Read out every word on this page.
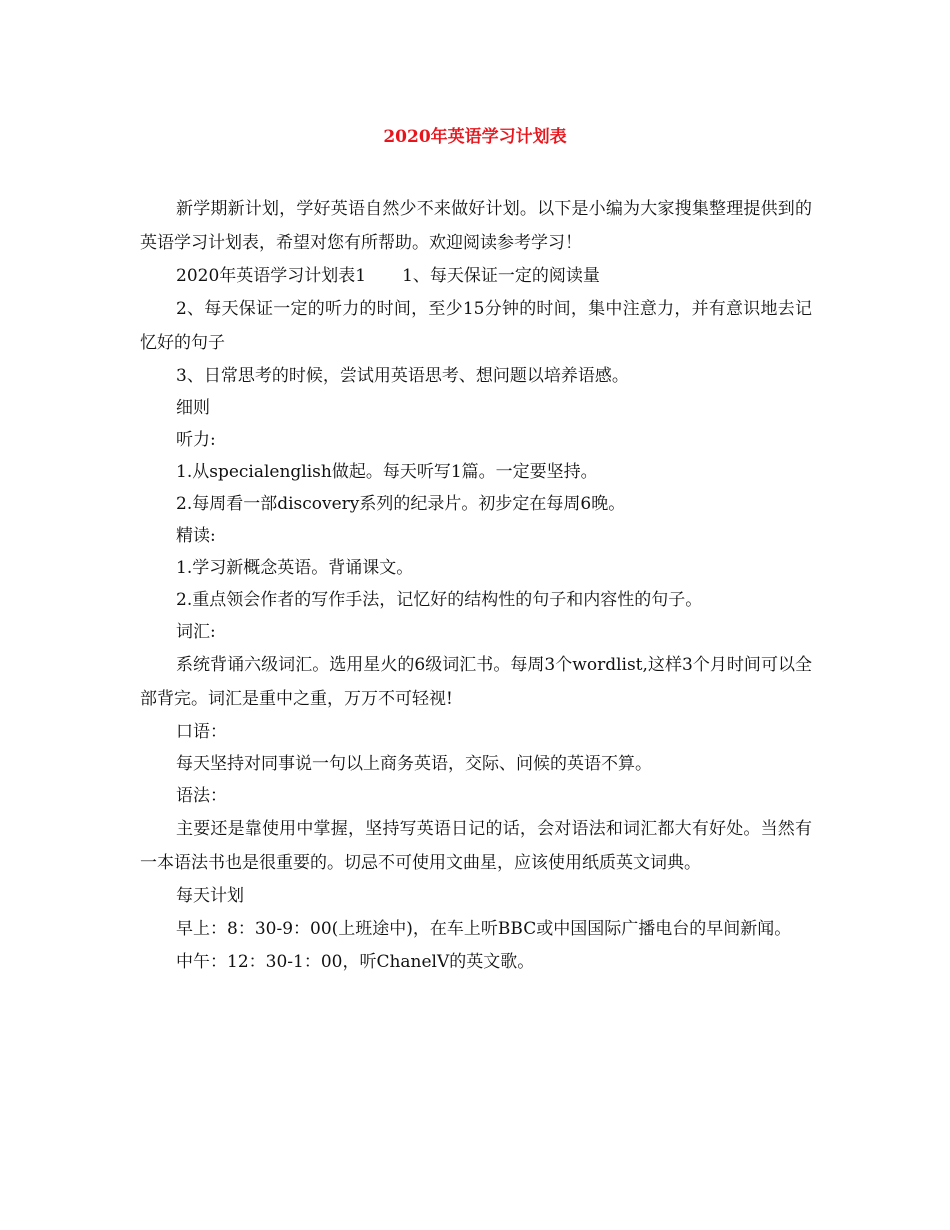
2020年英语学习计划表

新学期新计划，学好英语自然少不来做好计划。以下是小编为大家搜集整理提供到的英语学习计划表，希望对您有所帮助。欢迎阅读参考学习！

2020年英语学习计划表1 1、每天保证一定的阅读量

2、每天保证一定的听力的时间，至少15分钟的时间，集中注意力，并有意识地去记忆好的句子

3、日常思考的时候，尝试用英语思考、想问题以培养语感。

细则

听力:

1.从specialenglish做起。每天听写1篇。一定要坚持。

2.每周看一部discovery系列的纪录片。初步定在每周6晚。

精读:

1.学习新概念英语。背诵课文。

2.重点领会作者的写作手法，记忆好的结构性的句子和内容性的句子。

词汇:

系统背诵六级词汇。选用星火的6级词汇书。每周3个wordlist,这样3个月时间可以全部背完。词汇是重中之重，万万不可轻视!

口语：

每天坚持对同事说一句以上商务英语，交际、问候的英语不算。

语法：

主要还是靠使用中掌握，坚持写英语日记的话，会对语法和词汇都大有好处。当然有一本语法书也是很重要的。切忌不可使用文曲星，应该使用纸质英文词典。

每天计划

早上：8：30-9：00(上班途中)，在车上听BBC或中国国际广播电台的早间新闻。

中午：12：30-1：00，听ChanelV的英文歌。
